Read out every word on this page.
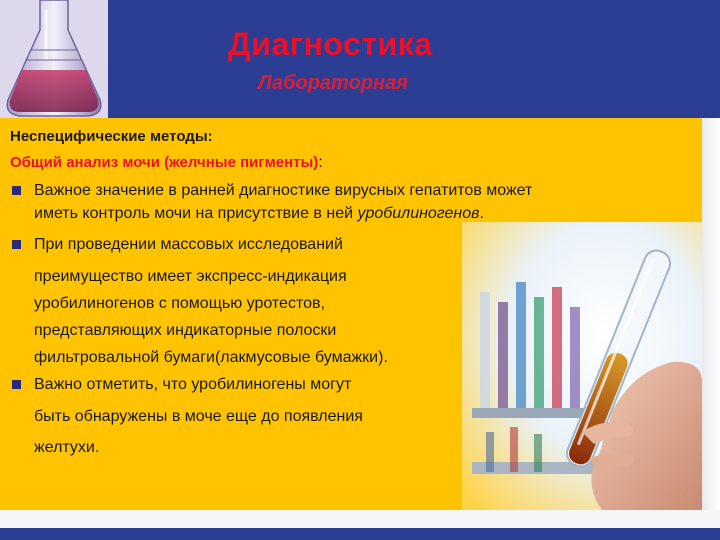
Диагностика
Лабораторная
Неспецифические методы:
Общий анализ мочи (желчные пигменты):
Важное значение в ранней диагностике вирусных гепатитов может
иметь контроль мочи на присутствие в ней уробилиногенов.
При проведении массовых исследований
преимущество имеет экспресс-индикация
уробилиногенов с помощью уротестов,
представляющих индикаторные полоски
фильтровальной бумаги(лакмусовые бумажки).
Важно отметить, что уробилиногены могут
быть обнаружены в моче еще до появления
желтухи.
